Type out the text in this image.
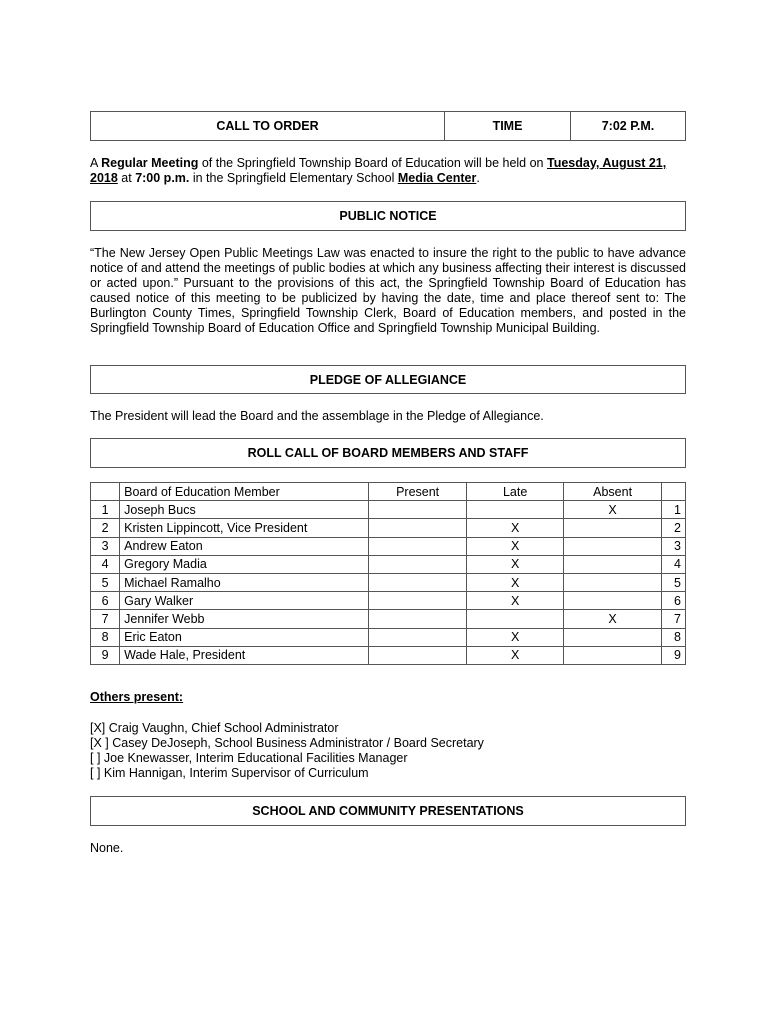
CALL TO ORDER	TIME	7:02 P.M.
A Regular Meeting of the Springfield Township Board of Education will be held on Tuesday, August 21, 2018 at 7:00 p.m. in the Springfield Elementary School Media Center.
PUBLIC NOTICE
“The New Jersey Open Public Meetings Law was enacted to insure the right to the public to have advance notice of and attend the meetings of public bodies at which any business affecting their interest is discussed or acted upon.” Pursuant to the provisions of this act, the Springfield Township Board of Education has caused notice of this meeting to be publicized by having the date, time and place thereof sent to: The Burlington County Times, Springfield Township Clerk, Board of Education members, and posted in the Springfield Township Board of Education Office and Springfield Township Municipal Building.
PLEDGE OF ALLEGIANCE
The President will lead the Board and the assemblage in the Pledge of Allegiance.
ROLL CALL OF BOARD MEMBERS AND STAFF
	Board of Education Member	Present	Late	Absent	
1	Joseph Bucs			X	1
2	Kristen Lippincott, Vice President		X		2
3	Andrew Eaton		X		3
4	Gregory Madia		X		4
5	Michael Ramalho		X		5
6	Gary Walker		X		6
7	Jennifer Webb			X	7
8	Eric Eaton		X		8
9	Wade Hale, President		X		9
Others present:
[X] Craig Vaughn, Chief School Administrator
[X ] Casey DeJoseph, School Business Administrator / Board Secretary
[ ] Joe Knewasser, Interim Educational Facilities Manager
[ ] Kim Hannigan, Interim Supervisor of Curriculum
SCHOOL AND COMMUNITY PRESENTATIONS
None.
